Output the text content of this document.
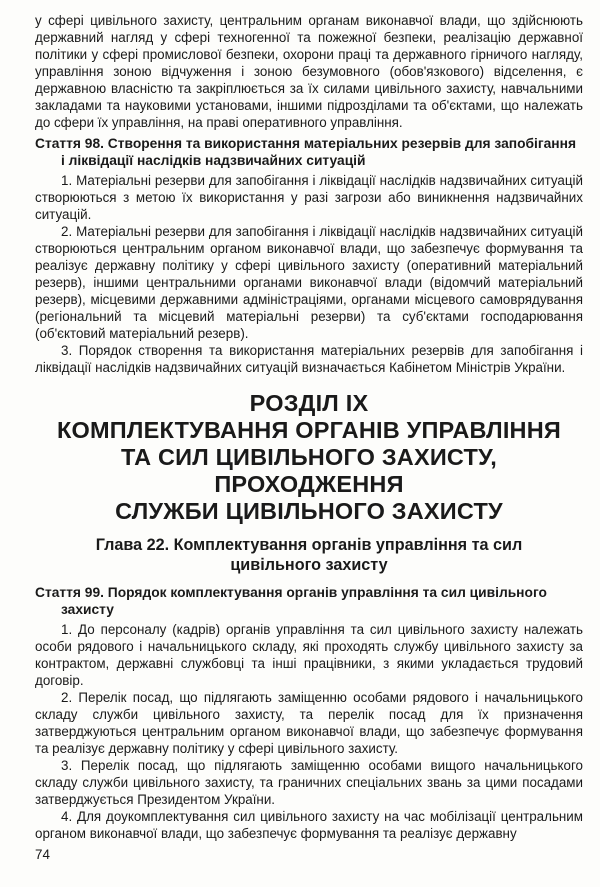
у сфері цивільного захисту, центральним органам виконавчої влади, що здійснюють державний нагляд у сфері техногенної та пожежної безпеки, реалізацію державної політики у сфері промислової безпеки, охорони праці та державного гірничого нагляду, управління зоною відчуження і зоною безумовного (обов'язкового) відселення, є державною власністю та закріплюється за їх силами цивільного захисту, навчальними закладами та науковими установами, іншими підрозділами та об'єктами, що належать до сфери їх управління, на праві оперативного управління.

Стаття 98. Створення та використання матеріальних резервів для запобігання і ліквідації наслідків надзвичайних ситуацій

1. Матеріальні резерви для запобігання і ліквідації наслідків надзвичайних ситуацій створюються з метою їх використання у разі загрози або виникнення надзвичайних ситуацій.

2. Матеріальні резерви для запобігання і ліквідації наслідків надзвичайних ситуацій створюються центральним органом виконавчої влади, що забезпечує формування та реалізує державну політику у сфері цивільного захисту (оперативний матеріальний резерв), іншими центральними органами виконавчої влади (відомчий матеріальний резерв), місцевими державними адміністраціями, органами місцевого самоврядування (регіональний та місцевий матеріальні резерви) та суб'єктами господарювання (об'єктовий матеріальний резерв).

3. Порядок створення та використання матеріальних резервів для запобігання і ліквідації наслідків надзвичайних ситуацій визначається Кабінетом Міністрів України.

РОЗДІЛ IX
КОМПЛЕКТУВАННЯ ОРГАНІВ УПРАВЛІННЯ
ТА СИЛ ЦИВІЛЬНОГО ЗАХИСТУ, ПРОХОДЖЕННЯ
СЛУЖБИ ЦИВІЛЬНОГО ЗАХИСТУ
Глава 22. Комплектування органів управління та сил
цивільного захисту
Стаття 99. Порядок комплектування органів управління та сил цивільного захисту

1. До персоналу (кадрів) органів управління та сил цивільного захисту належать особи рядового і начальницького складу, які проходять службу цивільного захисту за контрактом, державні службовці та інші працівники, з якими укладається трудовий договір.

2. Перелік посад, що підлягають заміщенню особами рядового і начальницького складу служби цивільного захисту, та перелік посад для їх призначення затверджуються центральним органом виконавчої влади, що забезпечує формування та реалізує державну політику у сфері цивільного захисту.

3. Перелік посад, що підлягають заміщенню особами вищого начальницького складу служби цивільного захисту, та граничних спеціальних звань за цими посадами затверджується Президентом України.

4. Для доукомплектування сил цивільного захисту на час мобілізації центральним органом виконавчої влади, що забезпечує формування та реалізує державну

74
